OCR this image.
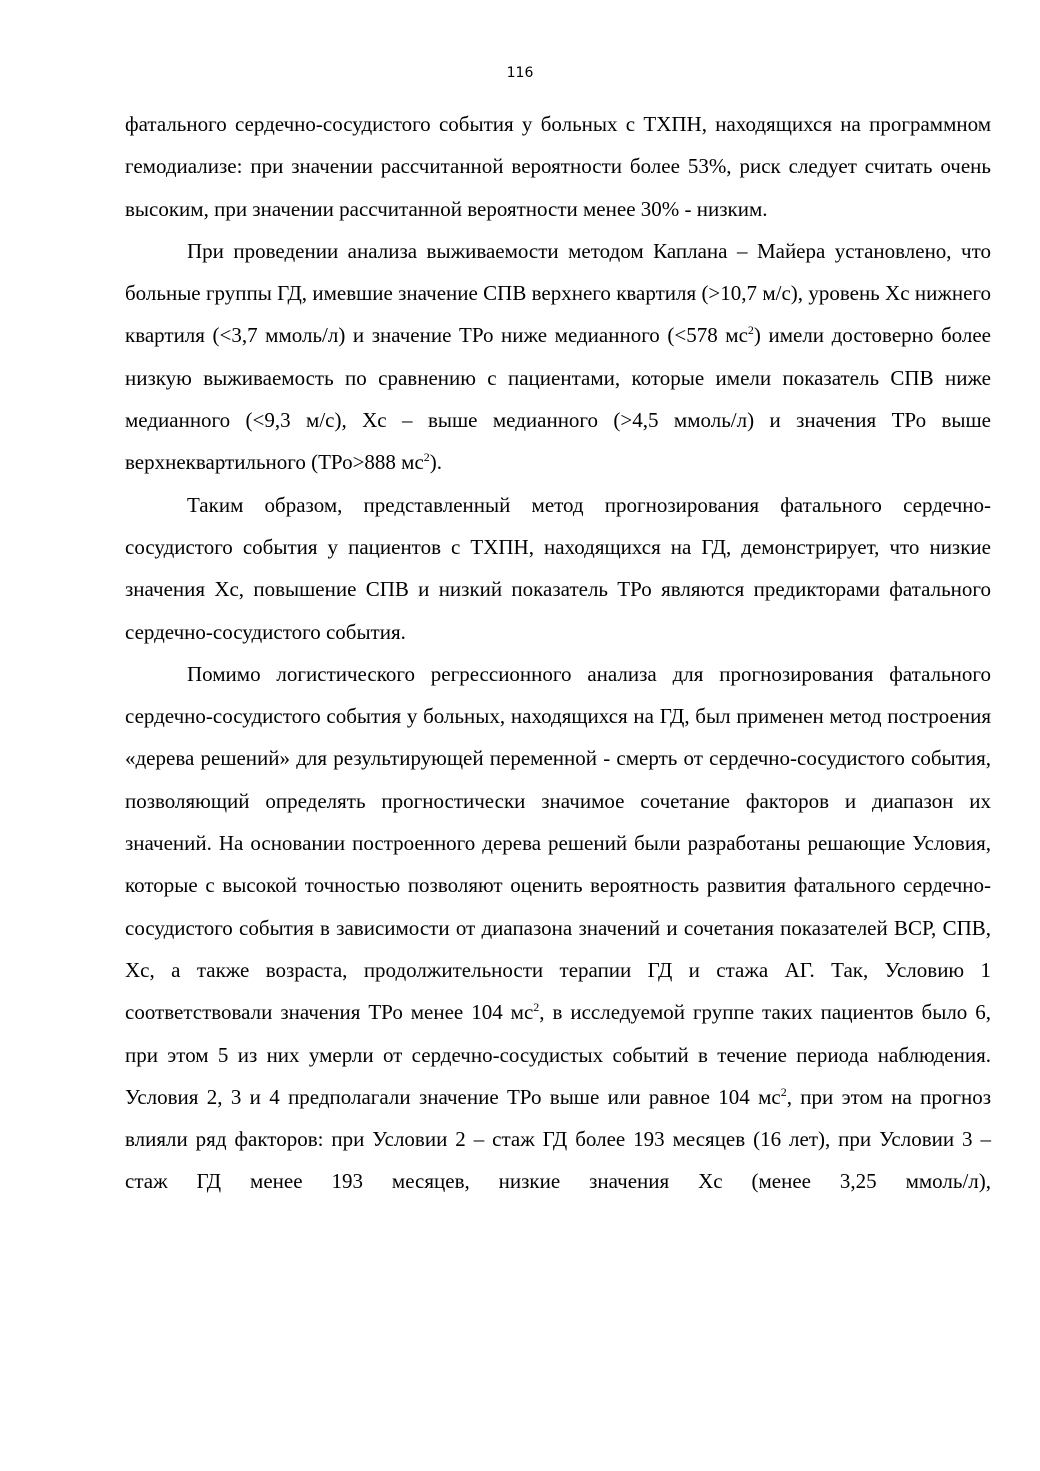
116

фатального сердечно-сосудистого события у больных с ТХПН, находящихся на программном гемодиализе: при значении рассчитанной вероятности более 53%, риск следует считать очень высоким, при значении рассчитанной вероятности менее 30% - низким.

При проведении анализа выживаемости методом Каплана – Майера установлено, что больные группы ГД, имевшие значение СПВ верхнего квартиля (>10,7 м/с), уровень Хс нижнего квартиля (<3,7 ммоль/л) и значение ТРо ниже медианного (<578 $мс^2$) имели достоверно более низкую выживаемость по сравнению с пациентами, которые имели показатель СПВ ниже медианного (<9,3 м/с), Хс – выше медианного (>4,5 ммоль/л) и значения ТРо выше верхнеквартильного (ТРо>888 $мс^2$).

Таким образом, представленный метод прогнозирования фатального сердечно-сосудистого события у пациентов с ТХПН, находящихся на ГД, демонстрирует, что низкие значения Хс, повышение СПВ и низкий показатель ТРо являются предикторами фатального сердечно-сосудистого события.

Помимо логистического регрессионного анализа для прогнозирования фатального сердечно-сосудистого события у больных, находящихся на ГД, был применен метод построения «дерева решений» для результирующей переменной - смерть от сердечно-сосудистого события, позволяющий определять прогностически значимое сочетание факторов и диапазон их значений. На основании построенного дерева решений были разработаны решающие Условия, которые с высокой точностью позволяют оценить вероятность развития фатального сердечно-сосудистого события в зависимости от диапазона значений и сочетания показателей ВСР, СПВ, Хс, а также возраста, продолжительности терапии ГД и стажа АГ. Так, Условию 1 соответствовали значения ТРо менее 104 $мс^2$, в исследуемой группе таких пациентов было 6, при этом 5 из них умерли от сердечно-сосудистых событий в течение периода наблюдения. Условия 2, 3 и 4 предполагали значение ТРо выше или равное 104 $мс^2$, при этом на прогноз влияли ряд факторов: при Условии 2 – стаж ГД более 193 месяцев (16 лет), при Условии 3 – стаж ГД менее 193 месяцев, низкие значения Хс (менее 3,25 ммоль/л),
